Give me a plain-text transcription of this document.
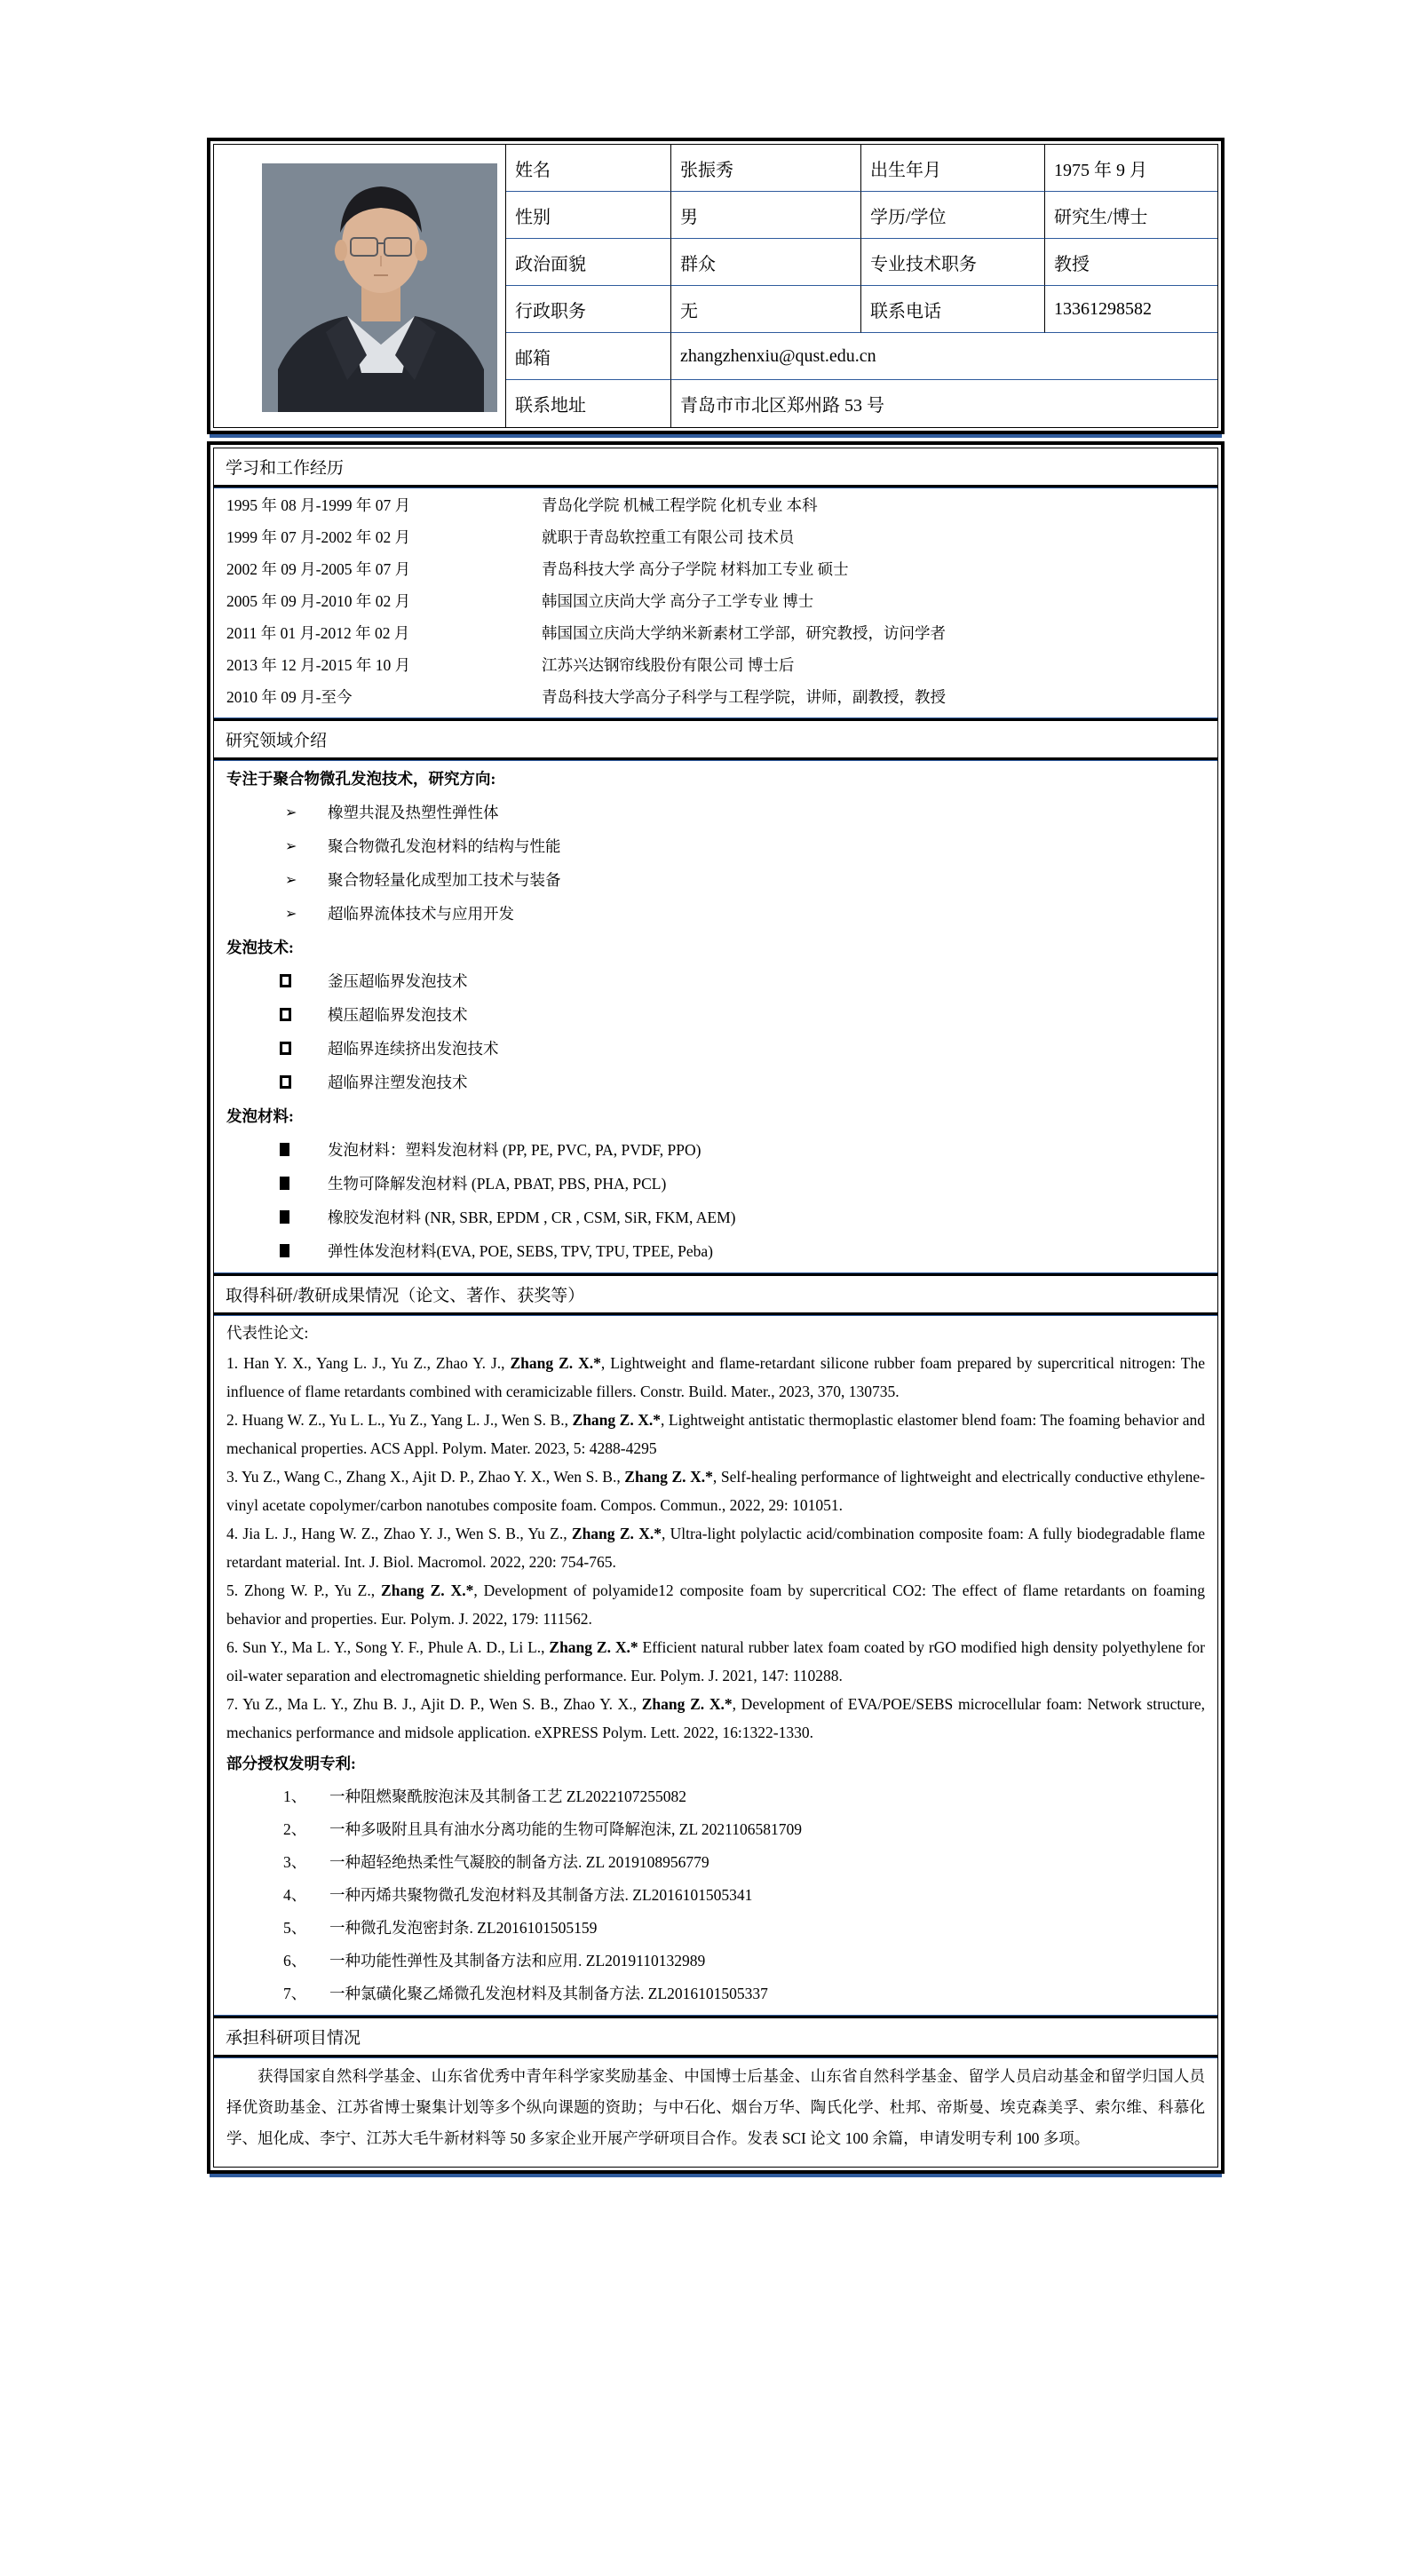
姓名	张振秀	出生年月	1975 年 9 月
性别	男	学历/学位	研究生/博士
政治面貌	群众	专业技术职务	教授
行政职务	无	联系电话	13361298582
邮箱	zhangzhenxiu@qust.edu.cn
联系地址	青岛市市北区郑州路 53 号
学习和工作经历
1995 年 08 月-1999 年 07 月	青岛化学院 机械工程学院 化机专业 本科
1999 年 07 月-2002 年 02 月	就职于青岛软控重工有限公司 技术员
2002 年 09 月-2005 年 07 月	青岛科技大学 高分子学院 材料加工专业 硕士
2005 年 09 月-2010 年 02 月	韩国国立庆尚大学 高分子工学专业 博士
2011 年 01 月-2012 年 02 月	韩国国立庆尚大学纳米新素材工学部，研究教授，访问学者
2013 年 12 月-2015 年 10 月	江苏兴达钢帘线股份有限公司 博士后
2010 年 09 月-至今	青岛科技大学高分子科学与工程学院，讲师，副教授，教授
研究领域介绍
专注于聚合物微孔发泡技术，研究方向:
➢ 橡塑共混及热塑性弹性体
➢ 聚合物微孔发泡材料的结构与性能
➢ 聚合物轻量化成型加工技术与装备
➢ 超临界流体技术与应用开发
发泡技术:
釜压超临界发泡技术
模压超临界发泡技术
超临界连续挤出发泡技术
超临界注塑发泡技术
发泡材料:
发泡材料：塑料发泡材料 (PP, PE, PVC, PA, PVDF, PPO)
生物可降解发泡材料 (PLA, PBAT, PBS, PHA, PCL)
橡胶发泡材料 (NR, SBR, EPDM , CR , CSM, SiR, FKM, AEM)
弹性体发泡材料(EVA, POE, SEBS, TPV, TPU, TPEE, Peba)
取得科研/教研成果情况（论文、著作、获奖等）
代表性论文:

1. Han Y. X., Yang L. J., Yu Z., Zhao Y. J., Zhang Z. X.*, Lightweight and flame-retardant silicone rubber foam prepared by supercritical nitrogen: The influence of flame retardants combined with ceramicizable fillers. Constr. Build. Mater., 2023, 370, 130735.

2. Huang W. Z., Yu L. L., Yu Z., Yang L. J., Wen S. B., Zhang Z. X.*, Lightweight antistatic thermoplastic elastomer blend foam: The foaming behavior and mechanical properties. ACS Appl. Polym. Mater. 2023, 5: 4288-4295

3. Yu Z., Wang C., Zhang X., Ajit D. P., Zhao Y. X., Wen S. B., Zhang Z. X.*, Self-healing performance of lightweight and electrically conductive ethylene-vinyl acetate copolymer/carbon nanotubes composite foam. Compos. Commun., 2022, 29: 101051.

4. Jia L. J., Hang W. Z., Zhao Y. J., Wen S. B., Yu Z., Zhang Z. X.*, Ultra-light polylactic acid/combination composite foam: A fully biodegradable flame retardant material. Int. J. Biol. Macromol. 2022, 220: 754-765.

5. Zhong W. P., Yu Z., Zhang Z. X.*, Development of polyamide12 composite foam by supercritical CO2: The effect of flame retardants on foaming behavior and properties. Eur. Polym. J. 2022, 179: 111562.

6. Sun Y., Ma L. Y., Song Y. F., Phule A. D., Li L., Zhang Z. X.* Efficient natural rubber latex foam coated by rGO modified high density polyethylene for oil-water separation and electromagnetic shielding performance. Eur. Polym. J. 2021, 147: 110288.

7. Yu Z., Ma L. Y., Zhu B. J., Ajit D. P., Wen S. B., Zhao Y. X., Zhang Z. X.*, Development of EVA/POE/SEBS microcellular foam: Network structure, mechanics performance and midsole application. eXPRESS Polym. Lett. 2022, 16:1322-1330.

部分授权发明专利:
1、 一种阻燃聚酰胺泡沫及其制备工艺 ZL2022107255082
2、 一种多吸附且具有油水分离功能的生物可降解泡沫, ZL 2021106581709
3、 一种超轻绝热柔性气凝胶的制备方法. ZL 2019108956779
4、 一种丙烯共聚物微孔发泡材料及其制备方法. ZL2016101505341
5、 一种微孔发泡密封条. ZL2016101505159
6、 一种功能性弹性及其制备方法和应用. ZL2019110132989
7、 一种氯磺化聚乙烯微孔发泡材料及其制备方法. ZL2016101505337
承担科研项目情况

获得国家自然科学基金、山东省优秀中青年科学家奖励基金、中国博士后基金、山东省自然科学基金、留学人员启动基金和留学归国人员择优资助基金、江苏省博士聚集计划等多个纵向课题的资助；与中石化、烟台万华、陶氏化学、杜邦、帝斯曼、埃克森美孚、索尔维、科慕化学、旭化成、李宁、江苏大毛牛新材料等 50 多家企业开展产学研项目合作。发表 SCI 论文 100 余篇，申请发明专利 100 多项。
